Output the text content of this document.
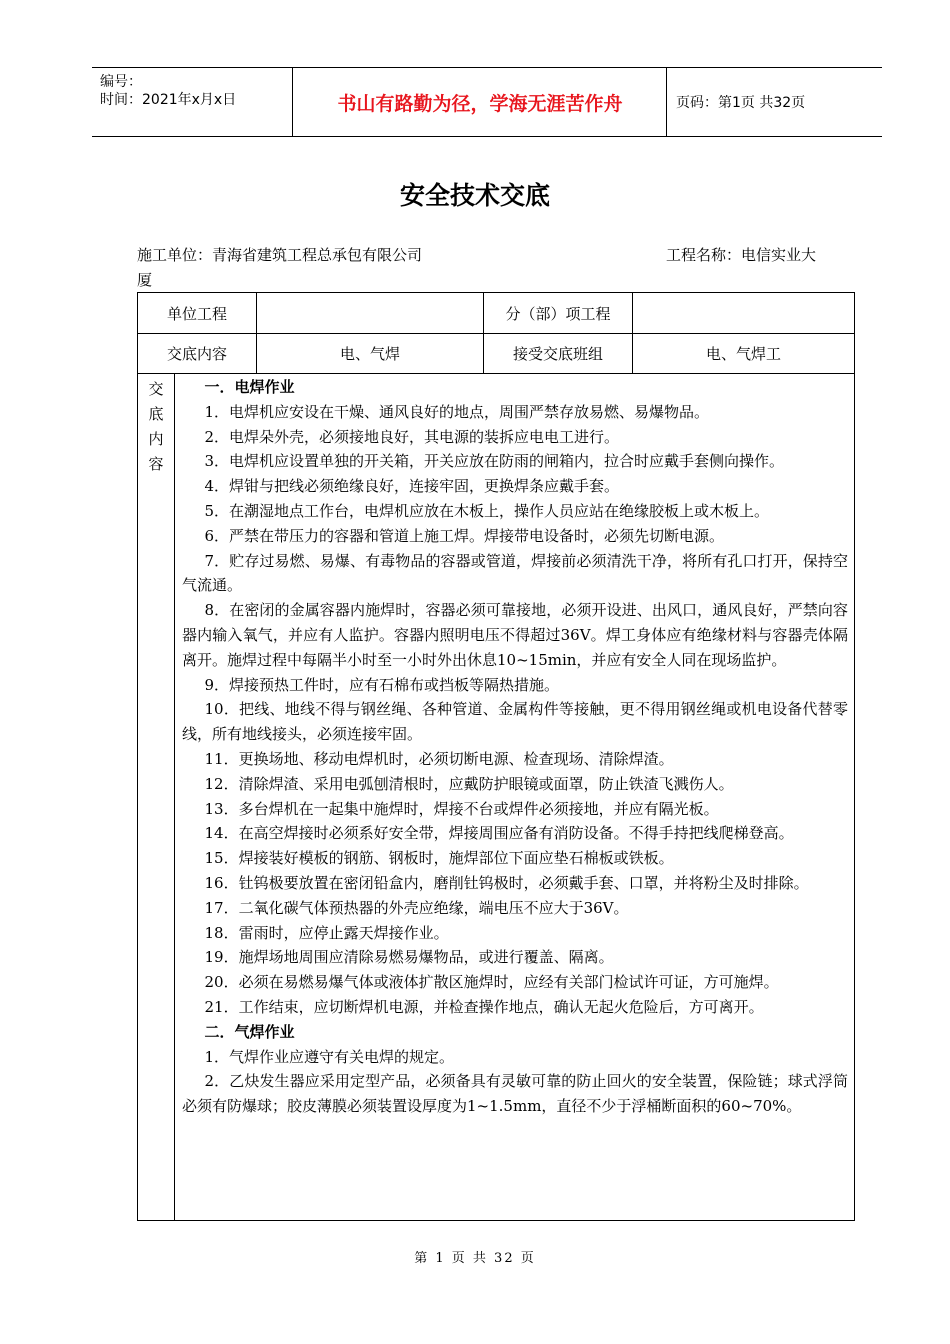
编号：
时间：2021年x月x日	书山有路勤为径，学海无涯苦作舟	页码：第1页 共32页
安全技术交底
施工单位：青海省建筑工程总承包有限公司	工程名称：电信实业大
厦
单位工程	分（部）项工程
交底内容	电、气焊	接受交底班组	电、气焊工
交
底
内
容

一．电焊作业

1．电焊机应安设在干燥、通风良好的地点，周围严禁存放易燃、易爆物品。

2．电焊朵外壳，必须接地良好，其电源的装拆应电电工进行。

3．电焊机应设置单独的开关箱，开关应放在防雨的闸箱内，拉合时应戴手套侧向操作。

4．焊钳与把线必须绝缘良好，连接牢固，更换焊条应戴手套。

5．在潮湿地点工作台，电焊机应放在木板上，操作人员应站在绝缘胶板上或木板上。

6．严禁在带压力的容器和管道上施工焊。焊接带电设备时，必须先切断电源。

7．贮存过易燃、易爆、有毒物品的容器或管道，焊接前必须清洗干净，将所有孔口打开，保持空气流通。

8．在密闭的金属容器内施焊时，容器必须可靠接地，必须开设进、出风口，通风良好，严禁向容器内输入氧气，并应有人监护。容器内照明电压不得超过36V。焊工身体应有绝缘材料与容器壳体隔离开。施焊过程中每隔半小时至一小时外出休息10~15min，并应有安全人同在现场监护。

9．焊接预热工件时，应有石棉布或挡板等隔热措施。

10．把线、地线不得与钢丝绳、各种管道、金属构件等接触，更不得用钢丝绳或机电设备代替零线，所有地线接头，必须连接牢固。

11．更换场地、移动电焊机时，必须切断电源、检查现场、清除焊渣。

12．清除焊渣、采用电弧刨清根时，应戴防护眼镜或面罩，防止铁渣飞溅伤人。

13．多台焊机在一起集中施焊时，焊接不台或焊件必须接地，并应有隔光板。

14．在高空焊接时必须系好安全带，焊接周围应备有消防设备。不得手持把线爬梯登高。

15．焊接装好模板的钢筋、钢板时，施焊部位下面应垫石棉板或铁板。

16．钍钨极要放置在密闭铅盒内，磨削钍钨极时，必须戴手套、口罩，并将粉尘及时排除。

17．二氧化碳气体预热器的外壳应绝缘，端电压不应大于36V。

18．雷雨时，应停止露天焊接作业。

19．施焊场地周围应清除易燃易爆物品，或进行覆盖、隔离。

20．必须在易燃易爆气体或液体扩散区施焊时，应经有关部门检试许可证，方可施焊。

21．工作结束，应切断焊机电源，并检查操作地点，确认无起火危险后，方可离开。

二．气焊作业

1．气焊作业应遵守有关电焊的规定。

2．乙炔发生器应采用定型产品，必须备具有灵敏可靠的防止回火的安全装置，保险链；球式浮筒必须有防爆球；胶皮薄膜必须装置设厚度为1~1.5mm，直径不少于浮桶断面积的60~70%。

第 1 页 共 32 页
